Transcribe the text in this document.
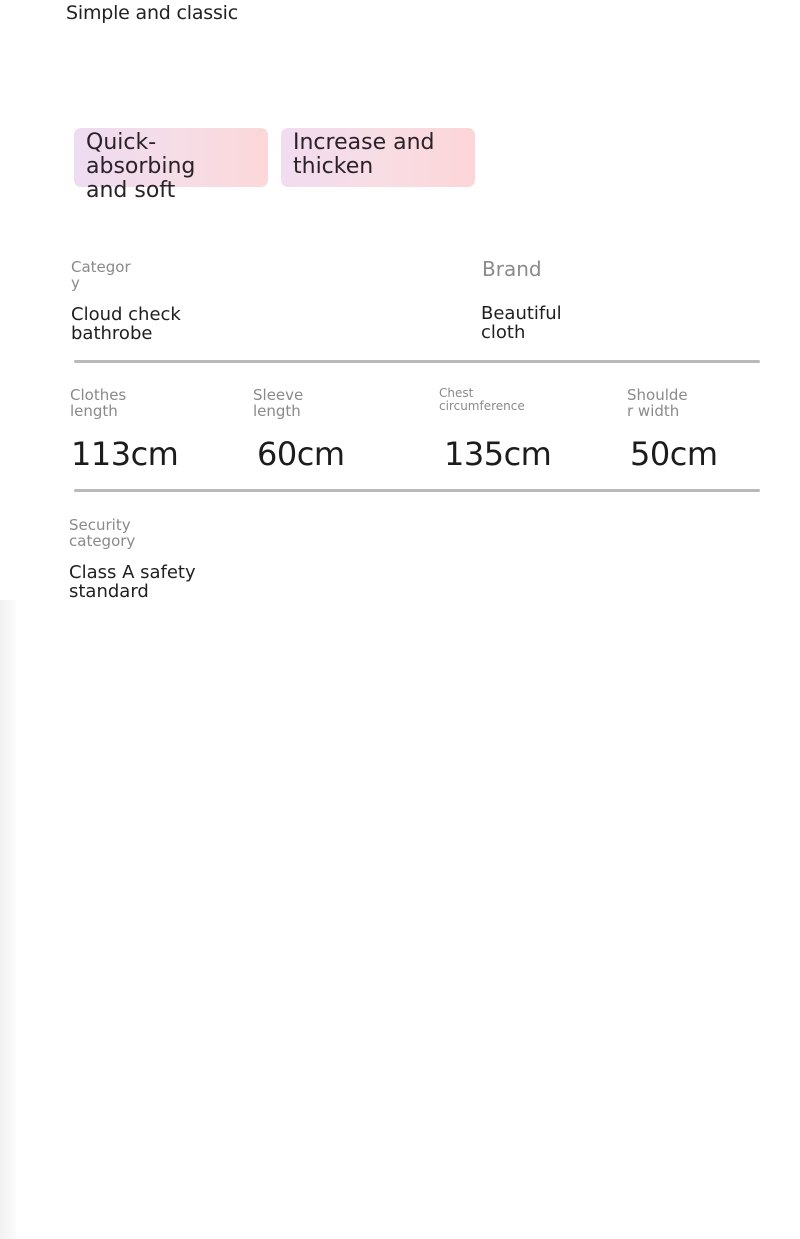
Simple and classic
Quick-absorbing
and soft
Increase and
thicken
Categor
y
Cloud check
bathrobe
Brand
Beautiful
cloth
Clothes
length
113cm
Sleeve
length
60cm
Chest
circumference
135cm
Shoulde
r width
50cm
Security
category
Class A safety
standard
